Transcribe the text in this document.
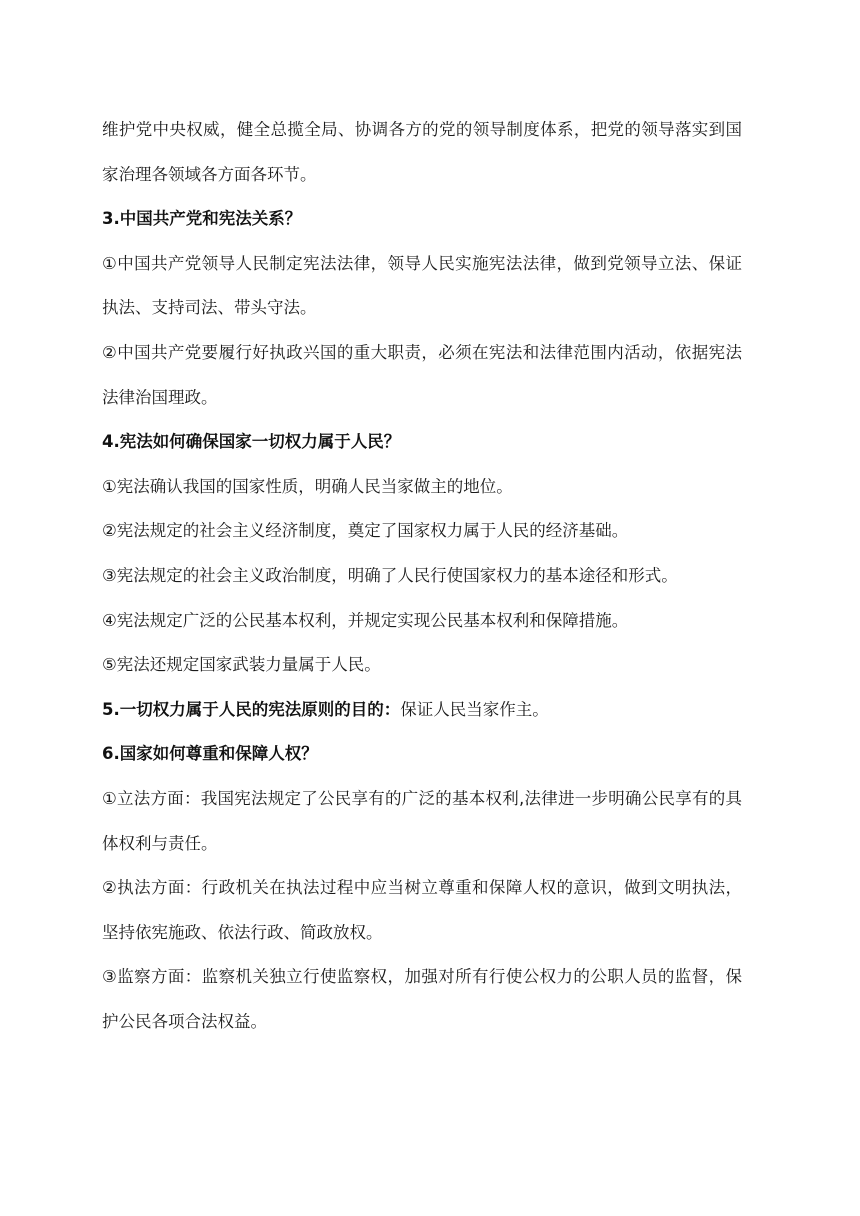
维护党中央权威，健全总揽全局、协调各方的党的领导制度体系，把党的领导落实到国家治理各领域各方面各环节。

3.中国共产党和宪法关系？

①中国共产党领导人民制定宪法法律，领导人民实施宪法法律，做到党领导立法、保证执法、支持司法、带头守法。

②中国共产党要履行好执政兴国的重大职责，必须在宪法和法律范围内活动，依据宪法法律治国理政。

4.宪法如何确保国家一切权力属于人民？

①宪法确认我国的国家性质，明确人民当家做主的地位。

②宪法规定的社会主义经济制度，奠定了国家权力属于人民的经济基础。

③宪法规定的社会主义政治制度，明确了人民行使国家权力的基本途径和形式。

④宪法规定广泛的公民基本权利，并规定实现公民基本权利和保障措施。

⑤宪法还规定国家武装力量属于人民。

5.一切权力属于人民的宪法原则的目的：保证人民当家作主。

6.国家如何尊重和保障人权？

①立法方面：我国宪法规定了公民享有的广泛的基本权利,法律进一步明确公民享有的具体权利与责任。

②执法方面：行政机关在执法过程中应当树立尊重和保障人权的意识，做到文明执法，坚持依宪施政、依法行政、简政放权。

③监察方面：监察机关独立行使监察权，加强对所有行使公权力的公职人员的监督，保护公民各项合法权益。
